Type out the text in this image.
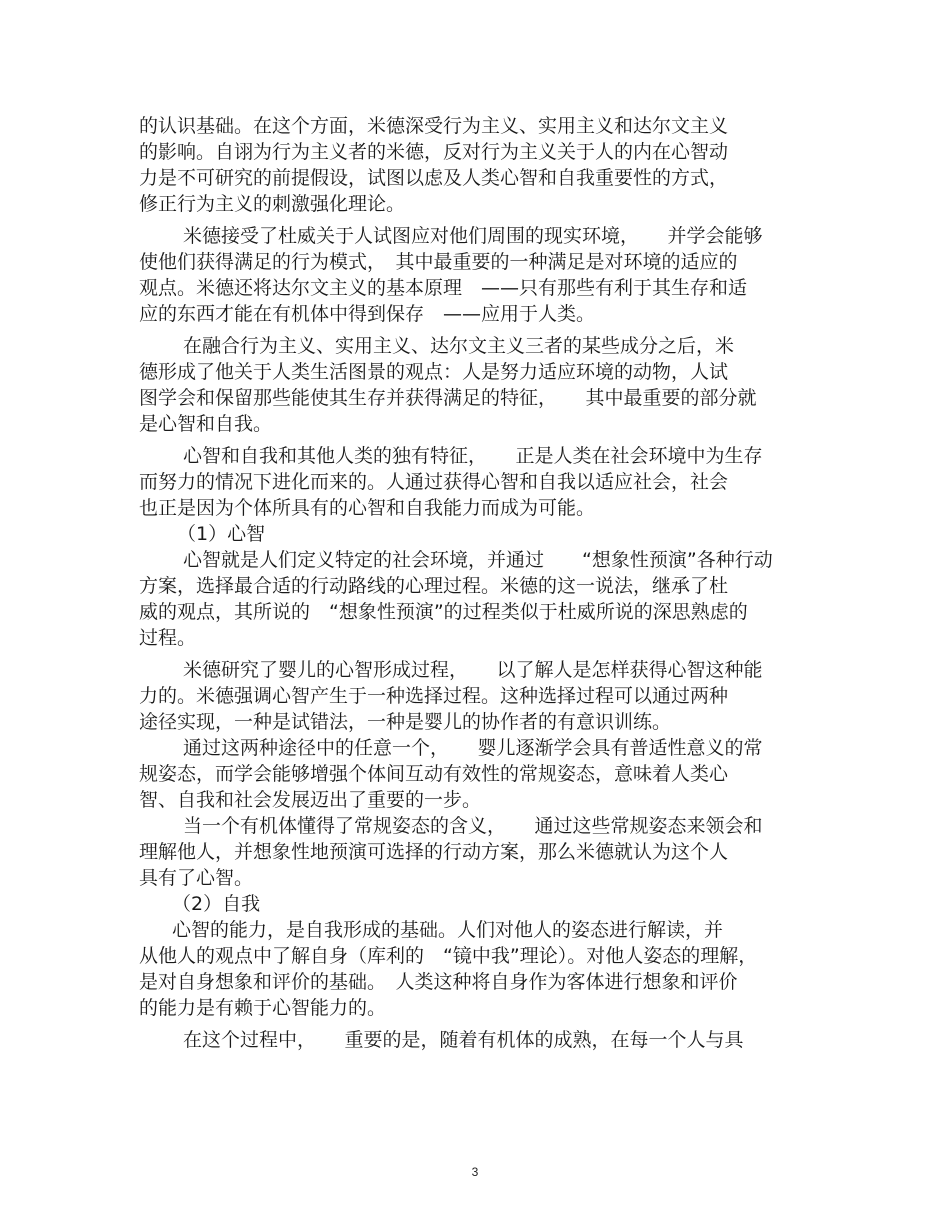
的认识基础。在这个方面，米德深受行为主义、实用主义和达尔文主义
的影响。自诩为行为主义者的米德，反对行为主义关于人的内在心智动
力是不可研究的前提假设，试图以虑及人类心智和自我重要性的方式，
修正行为主义的刺激强化理论。
米德接受了杜威关于人试图应对他们周围的现实环境，　　并学会能够
使他们获得满足的行为模式，　其中最重要的一种满足是对环境的适应的
观点。米德还将达尔文主义的基本原理　——只有那些有利于其生存和适
应的东西才能在有机体中得到保存　——应用于人类。
在融合行为主义、实用主义、达尔文主义三者的某些成分之后，米
德形成了他关于人类生活图景的观点：人是努力适应环境的动物，人试
图学会和保留那些能使其生存并获得满足的特征，　　其中最重要的部分就
是心智和自我。
心智和自我和其他人类的独有特征，　　正是人类在社会环境中为生存
而努力的情况下进化而来的。人通过获得心智和自我以适应社会，社会
也正是因为个体所具有的心智和自我能力而成为可能。
（1）心智
心智就是人们定义特定的社会环境，并通过　　“想象性预演”各种行动
方案，选择最合适的行动路线的心理过程。米德的这一说法，继承了杜
威的观点，其所说的　“想象性预演”的过程类似于杜威所说的深思熟虑的
过程。
米德研究了婴儿的心智形成过程，　　以了解人是怎样获得心智这种能
力的。米德强调心智产生于一种选择过程。这种选择过程可以通过两种
途径实现，一种是试错法，一种是婴儿的协作者的有意识训练。
通过这两种途径中的任意一个，　　婴儿逐渐学会具有普适性意义的常
规姿态，而学会能够增强个体间互动有效性的常规姿态，意味着人类心
智、自我和社会发展迈出了重要的一步。
当一个有机体懂得了常规姿态的含义，　　通过这些常规姿态来领会和
理解他人，并想象性地预演可选择的行动方案，那么米德就认为这个人
具有了心智。
（2）自我
心智的能力，是自我形成的基础。人们对他人的姿态进行解读，并
从他人的观点中了解自身（库利的　“镜中我”理论）。对他人姿态的理解，
是对自身想象和评价的基础。　人类这种将自身作为客体进行想象和评价
的能力是有赖于心智能力的。
在这个过程中，　　重要的是，随着有机体的成熟，在每一个人与具
3
